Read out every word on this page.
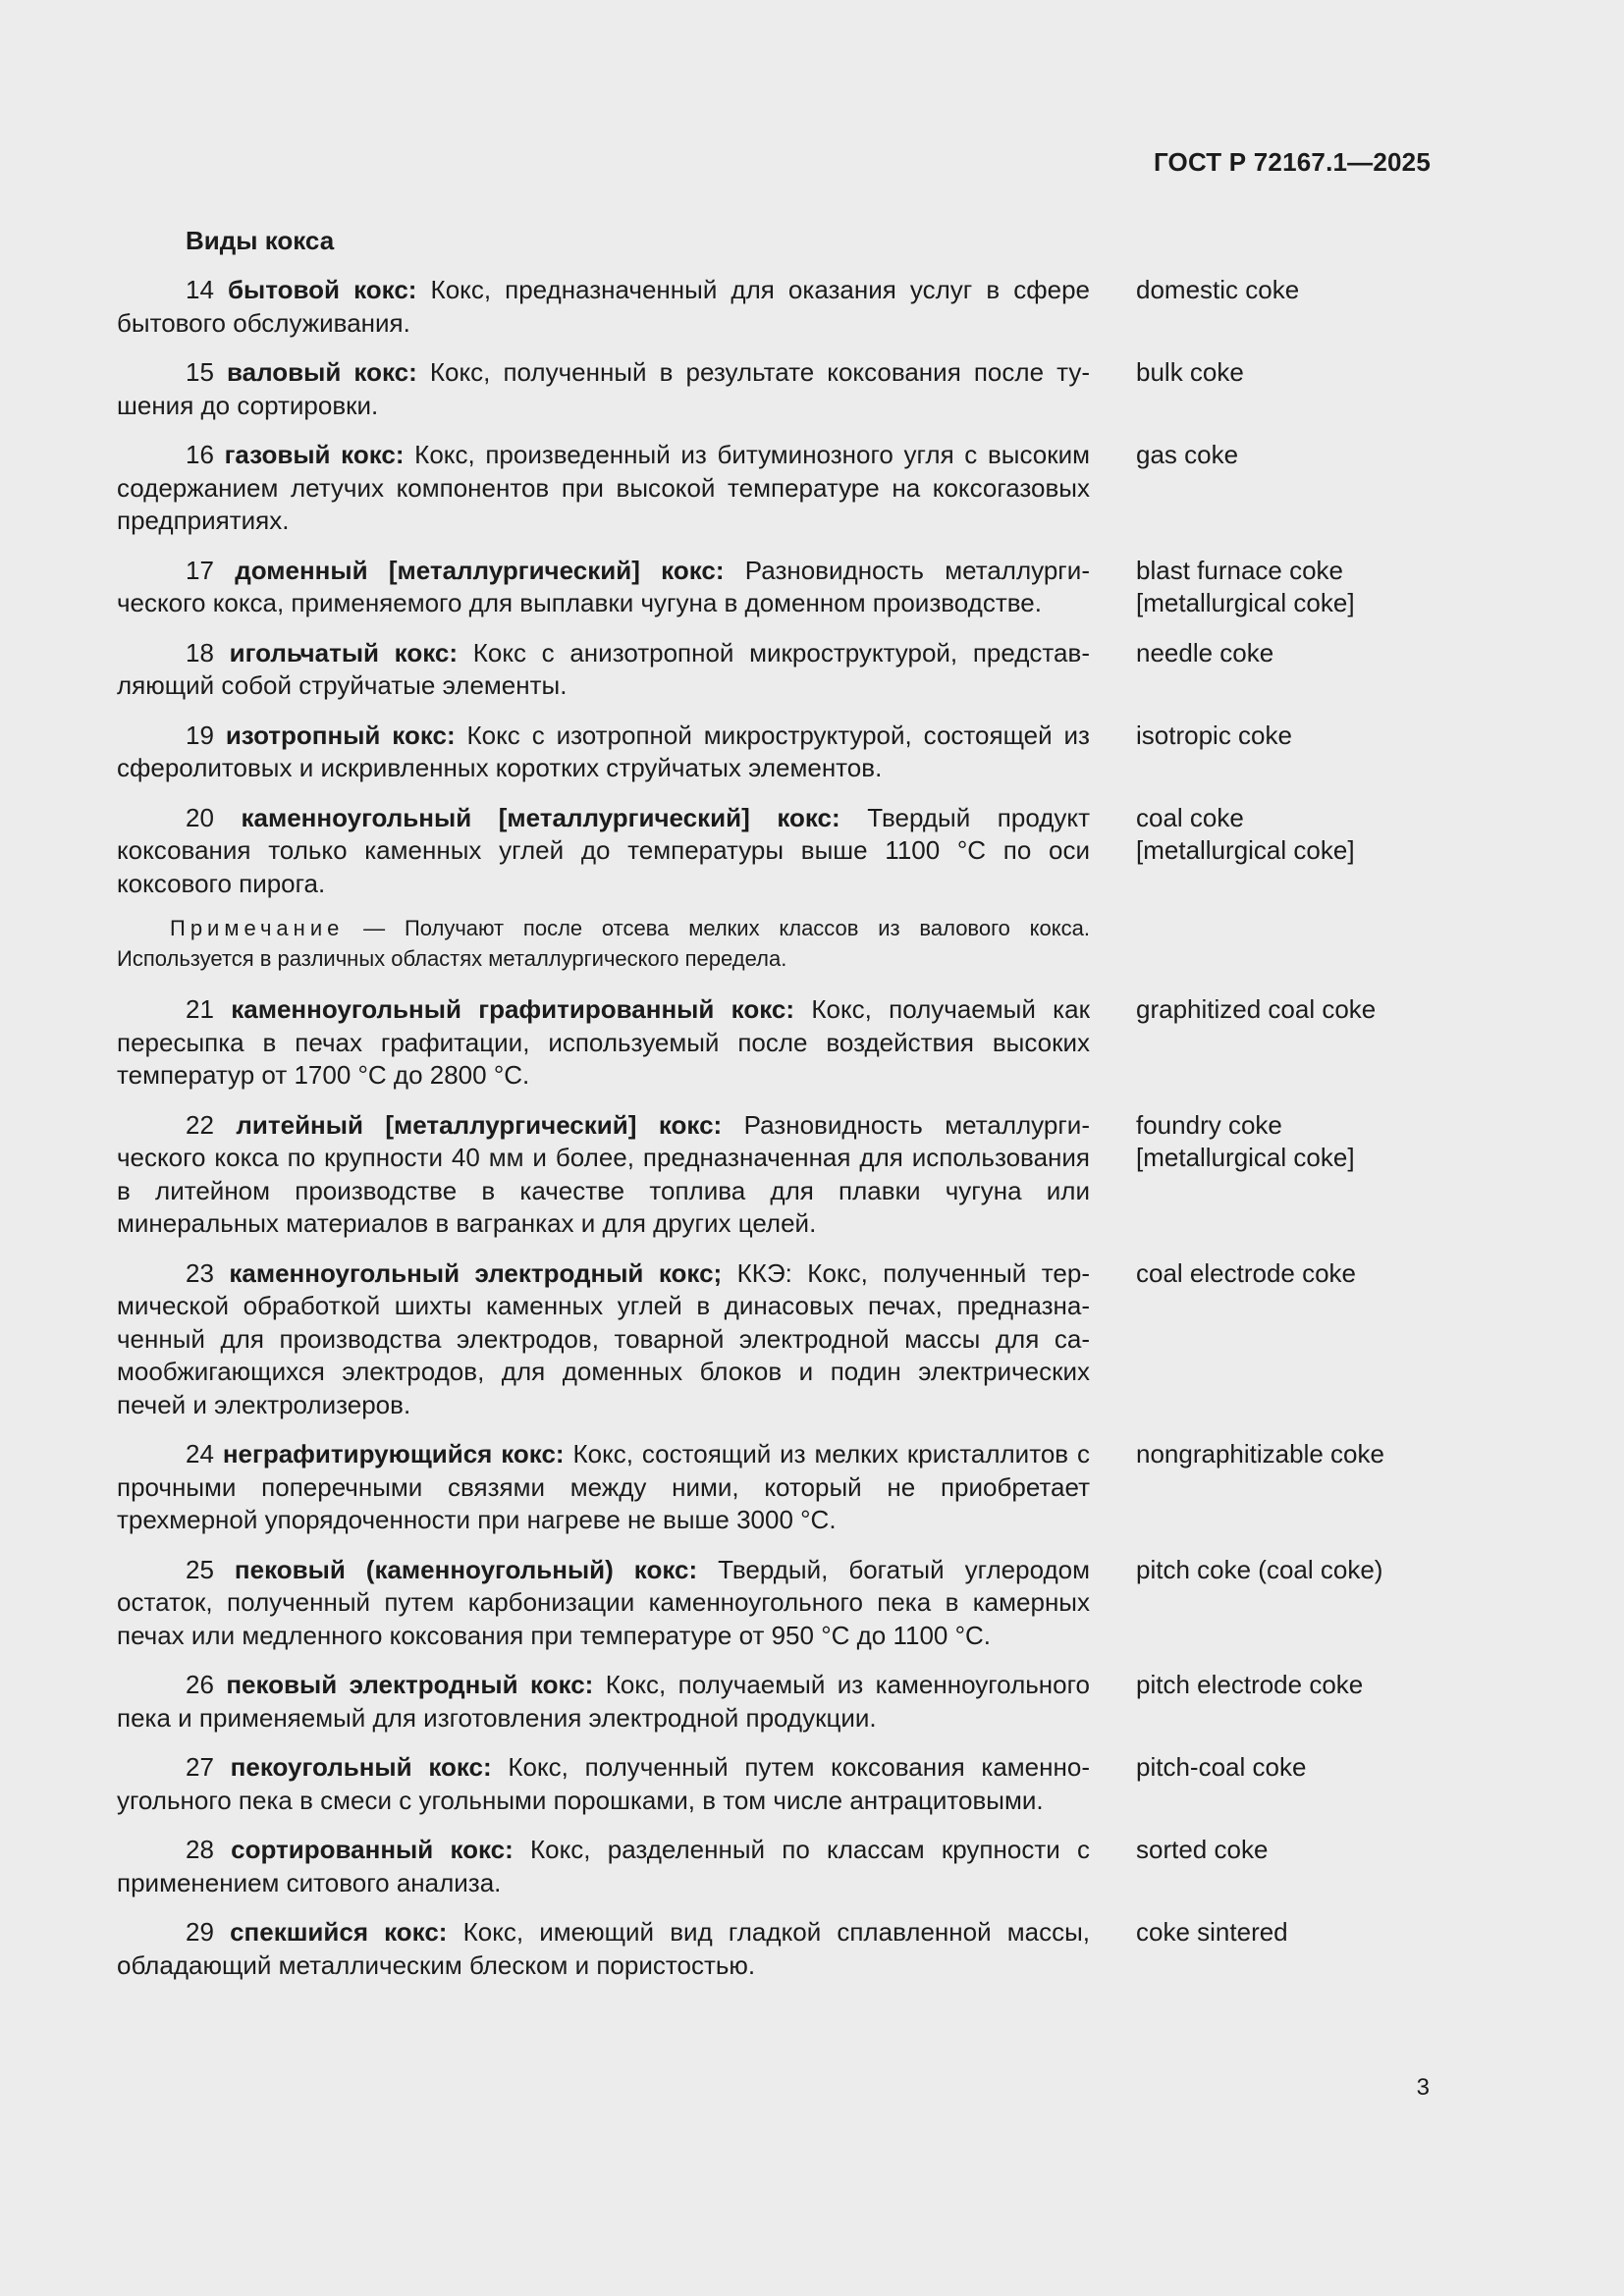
ГОСТ Р 72167.1—2025
Виды кокса

14 бытовой кокс: Кокс, предназначенный для оказания услуг в сфере бытового обслуживания.

domestic coke

15 валовый кокс: Кокс, полученный в результате коксования после тушения до сортировки.

bulk coke

16 газовый кокс: Кокс, произведенный из битуминозного угля с высоким содержанием летучих компонентов при высокой температуре на коксогазовых предприятиях.

gas coke

17 доменный [металлургический] кокс: Разновидность металлургического кокса, применяемого для выплавки чугуна в доменном производстве.

blast furnace coke
[metallurgical coke]

18 игольчатый кокс: Кокс с анизотропной микроструктурой, представляющий собой струйчатые элементы.

needle coke

19 изотропный кокс: Кокс с изотропной микроструктурой, состоящей из сферолитовых и искривленных коротких струйчатых элементов.

isotropic coke

20 каменноугольный [металлургический] кокс: Твердый продукт коксования только каменных углей до температуры выше 1100 °C по оси коксового пирога.

coal coke
[metallurgical coke]

Примечание — Получают после отсева мелких классов из валового кокса. Используется в различных областях металлургического передела.

21 каменноугольный графитированный кокс: Кокс, получаемый как пересыпка в печах графитации, используемый после воздействия высоких температур от 1700 °C до 2800 °C.

graphitized coal coke

22 литейный [металлургический] кокс: Разновидность металлургического кокса по крупности 40 мм и более, предназначенная для использования в литейном производстве в качестве топлива для плавки чугуна или минеральных материалов в вагранках и для других целей.

foundry coke
[metallurgical coke]

23 каменноугольный электродный кокс; ККЭ: Кокс, полученный термической обработкой шихты каменных углей в динасовых печах, предназначенный для производства электродов, товарной электродной массы для самообжигающихся электродов, для доменных блоков и подин электрических печей и электролизеров.

coal electrode coke

24 неграфитирующийся кокс: Кокс, состоящий из мелких кристаллитов с прочными поперечными связями между ними, который не приобретает трехмерной упорядоченности при нагреве не выше 3000 °C.

nongraphitizable coke

25 пековый (каменноугольный) кокс: Твердый, богатый углеродом остаток, полученный путем карбонизации каменноугольного пека в камерных печах или медленного коксования при температуре от 950 °C до 1100 °C.

pitch coke (coal coke)

26 пековый электродный кокс: Кокс, получаемый из каменноугольного пека и применяемый для изготовления электродной продукции.

pitch electrode coke

27 пекоугольный кокс: Кокс, полученный путем коксования каменноугольного пека в смеси с угольными порошками, в том числе антрацитовыми.

pitch-coal coke

28 сортированный кокс: Кокс, разделенный по классам крупности с применением ситового анализа.

sorted coke

29 спекшийся кокс: Кокс, имеющий вид гладкой сплавленной массы, обладающий металлическим блеском и пористостью.

coke sintered
3
